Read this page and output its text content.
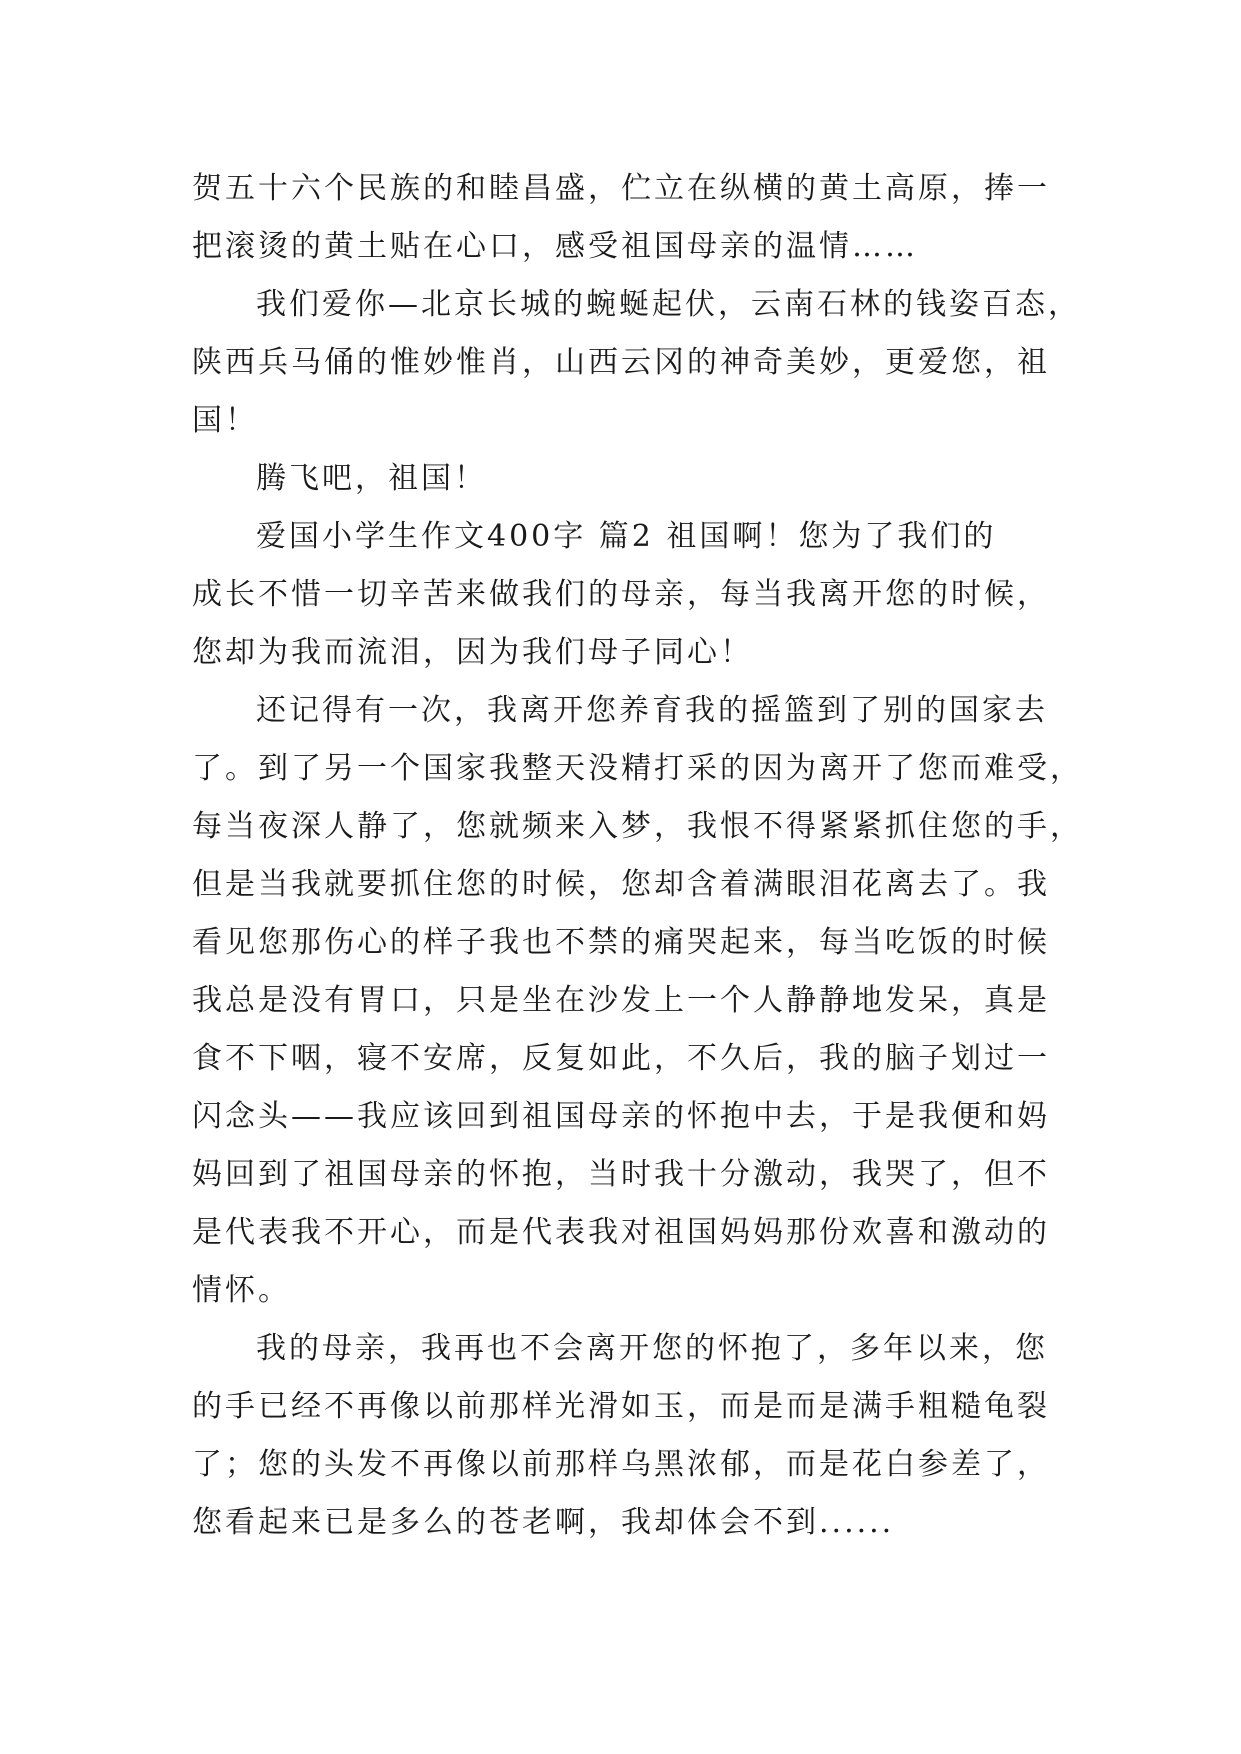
贺五十六个民族的和睦昌盛，伫立在纵横的黄土高原，捧一
把滚烫的黄土贴在心口，感受祖国母亲的温情……
我们爱你—北京长城的蜿蜒起伏，云南石林的钱姿百态，
陕西兵马俑的惟妙惟肖，山西云冈的神奇美妙，更爱您，祖
国！
腾飞吧，祖国！
爱国小学生作文400字 篇2 祖国啊！您为了我们的
成长不惜一切辛苦来做我们的母亲，每当我离开您的时候，
您却为我而流泪，因为我们母子同心！
还记得有一次，我离开您养育我的摇篮到了别的国家去
了。到了另一个国家我整天没精打采的因为离开了您而难受，
每当夜深人静了，您就频来入梦，我恨不得紧紧抓住您的手，
但是当我就要抓住您的时候，您却含着满眼泪花离去了。我
看见您那伤心的样子我也不禁的痛哭起来，每当吃饭的时候
我总是没有胃口，只是坐在沙发上一个人静静地发呆，真是
食不下咽，寝不安席，反复如此，不久后，我的脑子划过一
闪念头——我应该回到祖国母亲的怀抱中去，于是我便和妈
妈回到了祖国母亲的怀抱，当时我十分激动，我哭了，但不
是代表我不开心，而是代表我对祖国妈妈那份欢喜和激动的
情怀。
我的母亲，我再也不会离开您的怀抱了，多年以来，您
的手已经不再像以前那样光滑如玉，而是而是满手粗糙龟裂
了；您的头发不再像以前那样乌黑浓郁，而是花白参差了，
您看起来已是多么的苍老啊，我却体会不到......
